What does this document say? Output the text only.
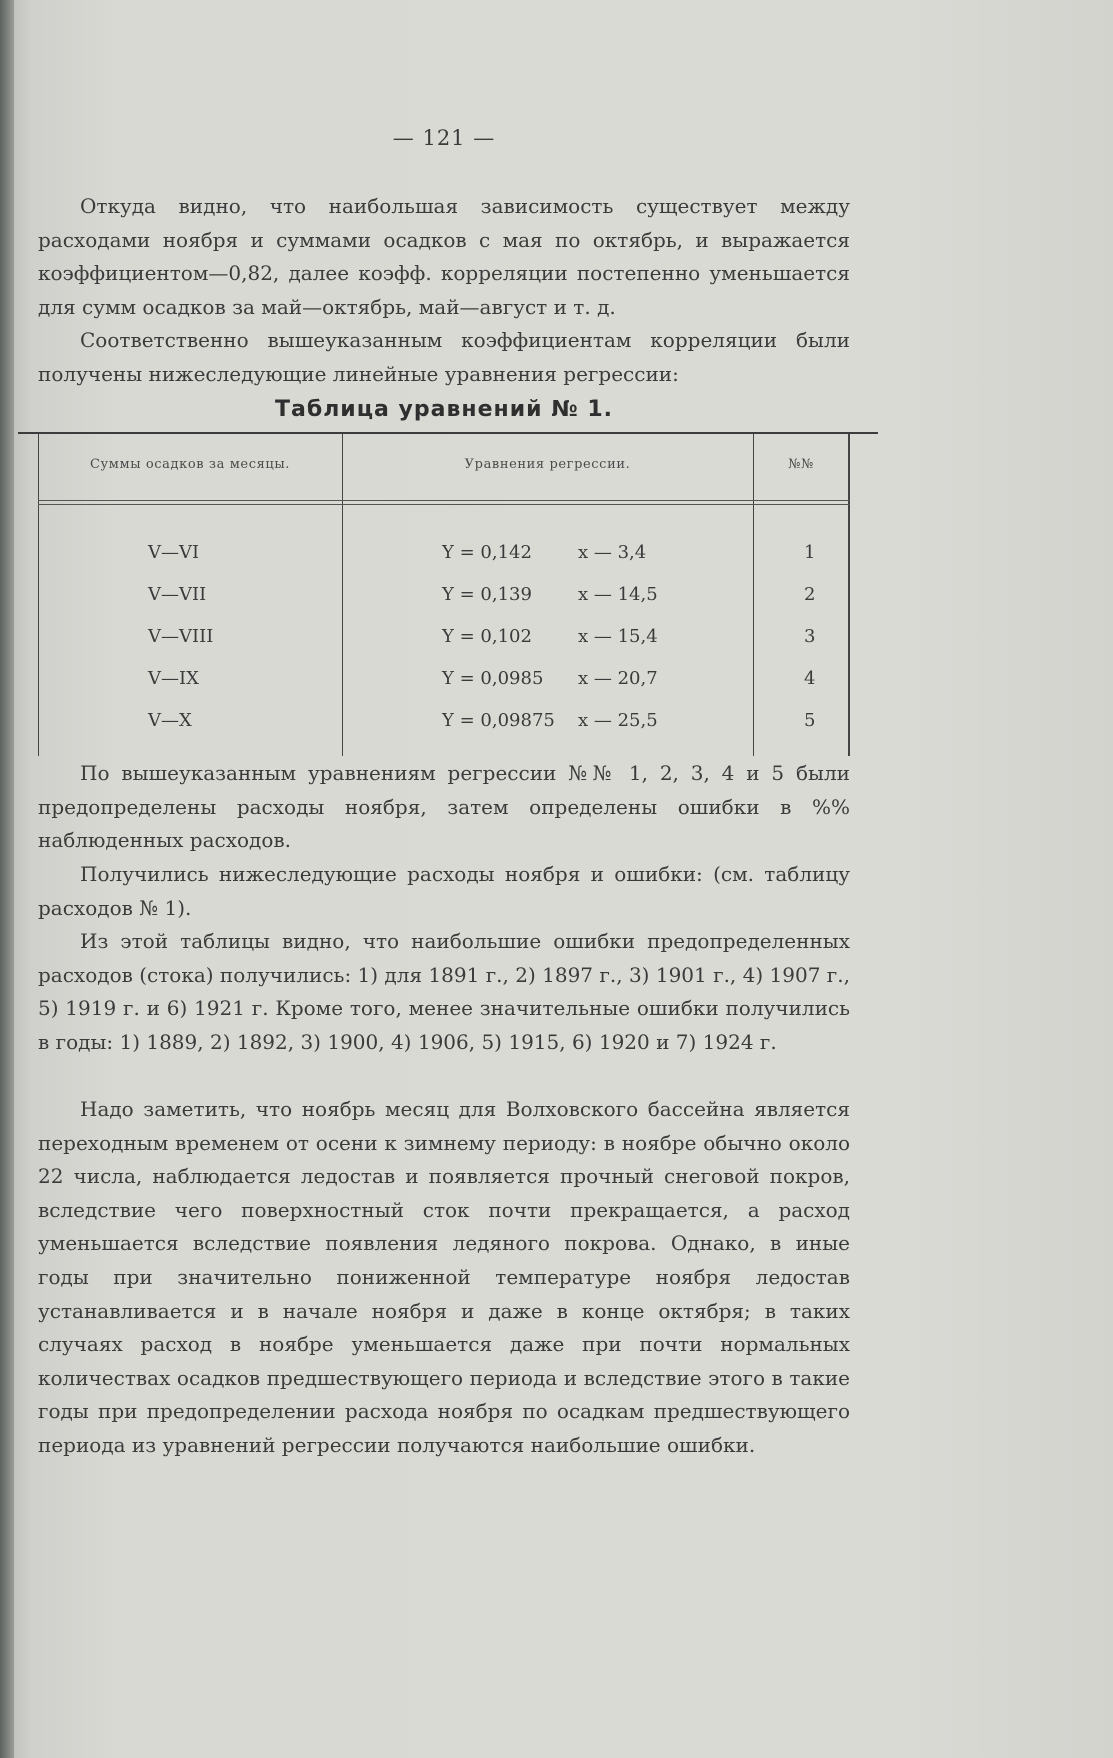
— 121 —

Откуда видно, что наибольшая зависимость существует между расходами ноября и суммами осадков с мая по октябрь, и выражается коэффициентом—0,82, далее коэфф. корреляции постепенно уменьшается для сумм осадков за май—октябрь, май—август и т. д.

Соответственно вышеуказанным коэффициентам корреляции были получены нижеследующие линейные уравнения регрессии:

Таблица уравнений № 1.
Суммы осадков за месяцы.	Уравнения регрессии.	№№
V—VI	Y = 0,142	x — 3,4	1
V—VII	Y = 0,139	x — 14,5	2
V—VIII	Y = 0,102	x — 15,4	3
V—IX	Y = 0,0985 x — 20,7	4
V—X	Y = 0,09875 x — 25,5	5

По вышеуказанным уравнениям регрессии №№ 1, 2, 3, 4 и 5 были предопределены расходы ноября, затем определены ошибки в %% наблюденных расходов.

Получились нижеследующие расходы ноября и ошибки: (см. таблицу расходов № 1).

Из этой таблицы видно, что наибольшие ошибки предопределенных расходов (стока) получились: 1) для 1891 г., 2) 1897 г., 3) 1901 г., 4) 1907 г., 5) 1919 г. и 6) 1921 г. Кроме того, менее значительные ошибки получились в годы: 1) 1889, 2) 1892, 3) 1900, 4) 1906, 5) 1915, 6) 1920 и 7) 1924 г.

Надо заметить, что ноябрь месяц для Волховского бассейна является переходным временем от осени к зимнему периоду: в ноябре обычно около 22 числа, наблюдается ледостав и появляется прочный снеговой покров, вследствие чего поверхностный сток почти прекращается, а расход уменьшается вследствие появления ледяного покрова. Однако, в иные годы при значительно пониженной температуре ноября ледостав устанавливается и в начале ноября и даже в конце октября; в таких случаях расход в ноябре уменьшается даже при почти нормальных количествах осадков предшествующего периода и вследствие этого в такие годы при предопределении расхода ноября по осадкам предшествующего периода из уравнений регрессии получаются наибольшие ошибки.
